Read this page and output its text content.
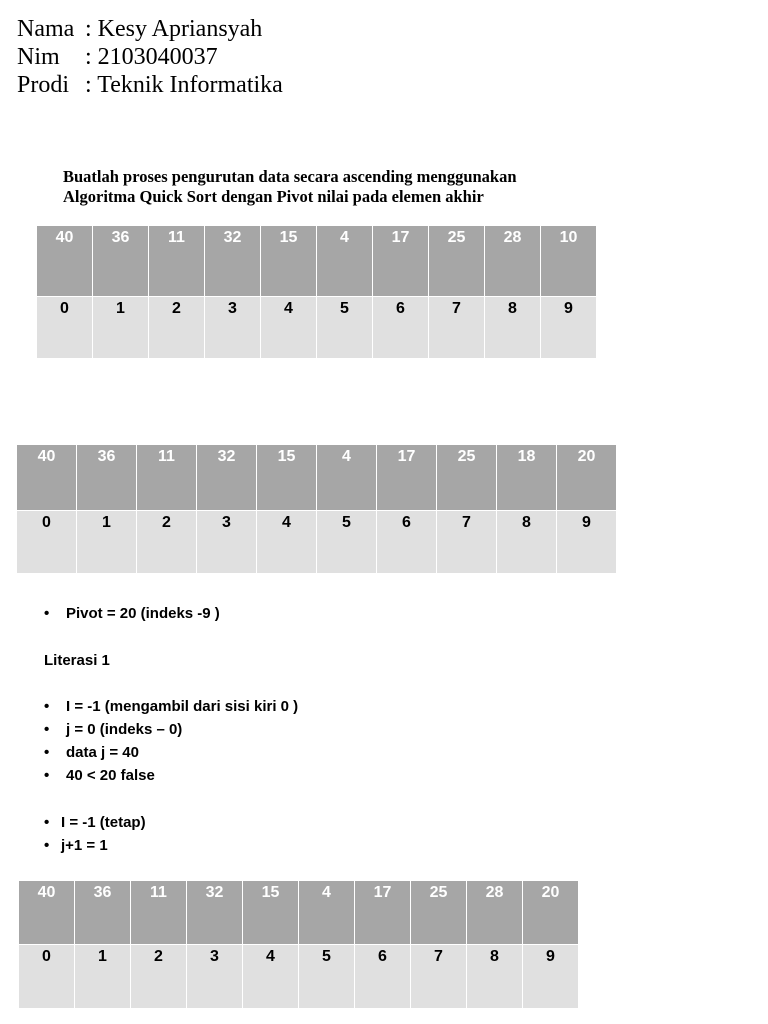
Nama : Kesy Apriansyah
Nim	: 2103040037
Prodi : Teknik Informatika
Buatlah proses pengurutan data secara ascending menggunakan
Algoritma Quick Sort dengan Pivot nilai pada elemen akhir
40	36	11	32	15	4	17	25	28	10
0	1	2	3	4	5	6	7	8	9
40	36	11	32	15	4	17	25	18	20
0	1	2	3	4	5	6	7	8	9
• Pivot = 20 (indeks -9 )
Literasi 1
• I = -1 (mengambil dari sisi kiri 0 )
• j = 0 (indeks – 0)
• data j = 40
• 40 < 20 false
• I = -1 (tetap)
• j+1 = 1
40	36	11	32	15	4	17	25	28	20
0	1	2	3	4	5	6	7	8	9
